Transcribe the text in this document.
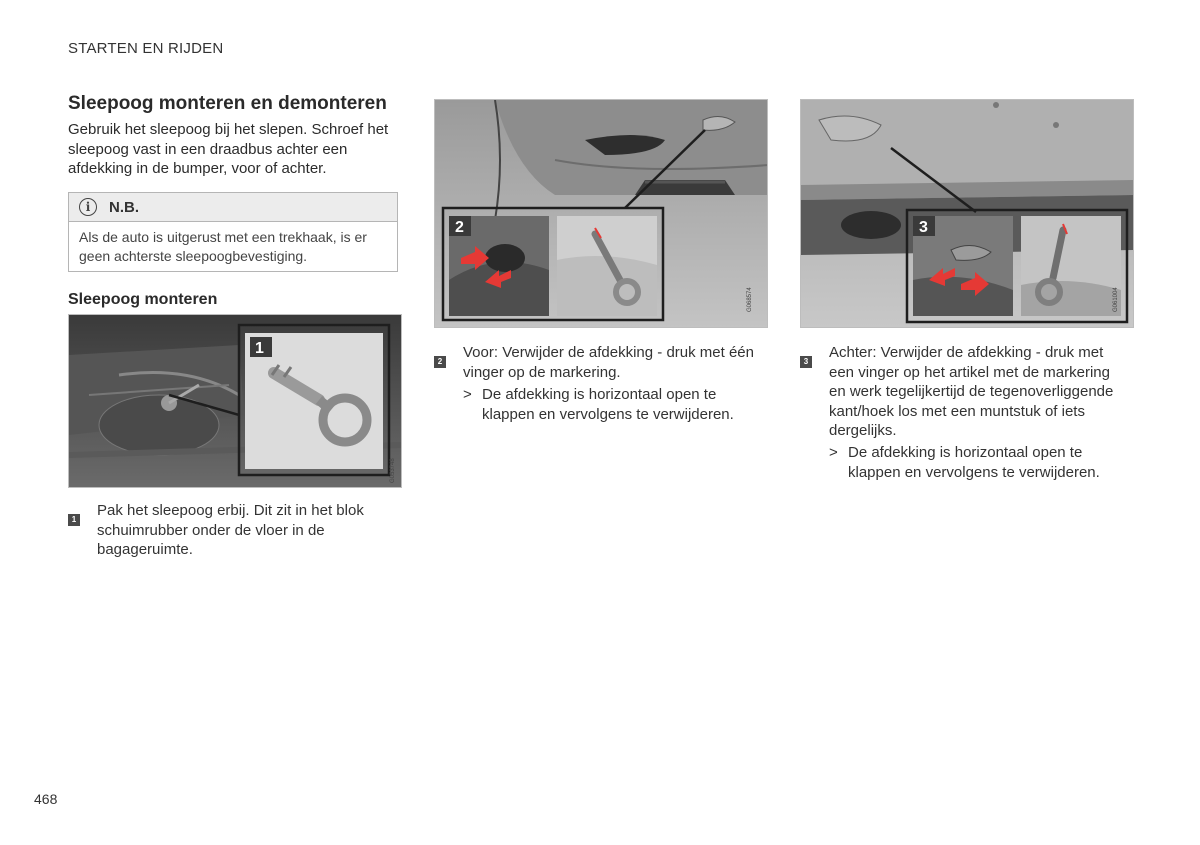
STARTEN EN RIJDEN
Sleepoog monteren en demonteren
Gebruik het sleepoog bij het slepen. Schroef het sleepoog vast in een draadbus achter een afdekking in de bumper, voor of achter.
i	N.B.
Als de auto is uitgerust met een trekhaak, is er geen achterste sleepoogbevestiging.
Sleepoog monteren
1
G053748
2
G068574
3
G061004
1
Pak het sleepoog erbij. Dit zit in het blok schuimrubber onder de vloer in de bagageruimte.
2
Voor: Verwijder de afdekking - druk met één vinger op de markering.
> De afdekking is horizontaal open te klappen en vervolgens te verwijderen.
3
Achter: Verwijder de afdekking - druk met een vinger op het artikel met de markering en werk tegelijkertijd de tegenoverliggende kant/hoek los met een muntstuk of iets dergelijks.
> De afdekking is horizontaal open te klappen en vervolgens te verwijderen.
468
